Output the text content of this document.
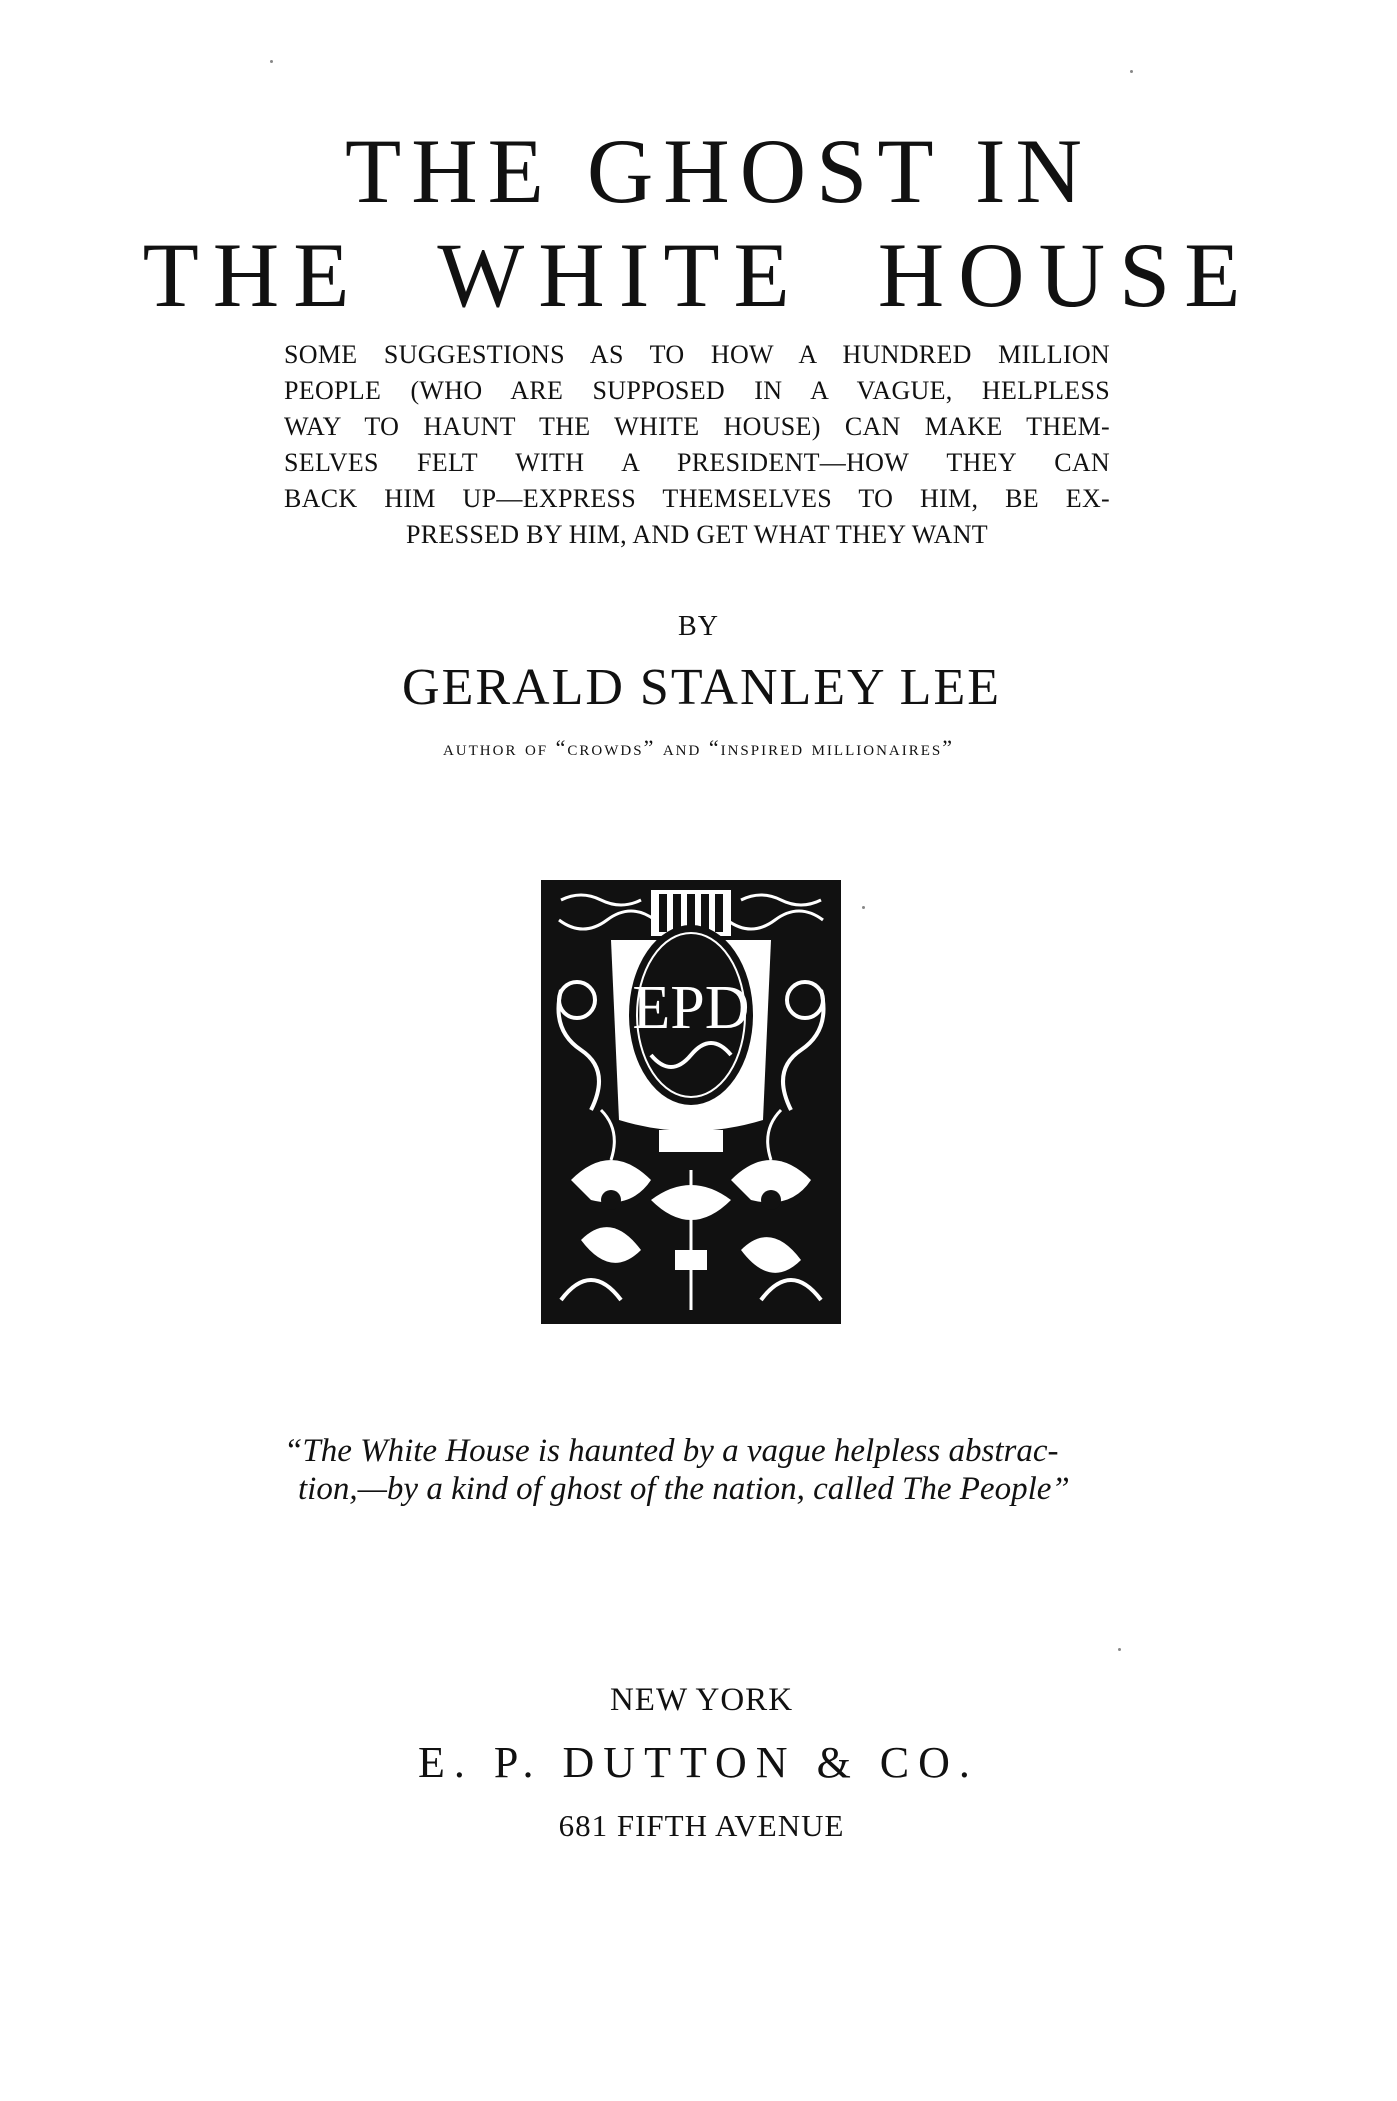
THE GHOST IN
THE WHITE HOUSE
SOME SUGGESTIONS AS TO HOW A HUNDRED MILLION
PEOPLE (WHO ARE SUPPOSED IN A VAGUE, HELPLESS
WAY TO HAUNT THE WHITE HOUSE) CAN MAKE THEM-
SELVES FELT WITH A PRESIDENT—HOW THEY CAN
BACK HIM UP—EXPRESS THEMSELVES TO HIM, BE EX-
PRESSED BY HIM, AND GET WHAT THEY WANT
BY
GERALD STANLEY LEE
author of “crowds” and “inspired millionaires”
EPD
“The White House is haunted by a vague helpless abstrac-
tion,—by a kind of ghost of the nation, called The People”
NEW YORK
E. P. DUTTON & CO.
681 FIFTH AVENUE
